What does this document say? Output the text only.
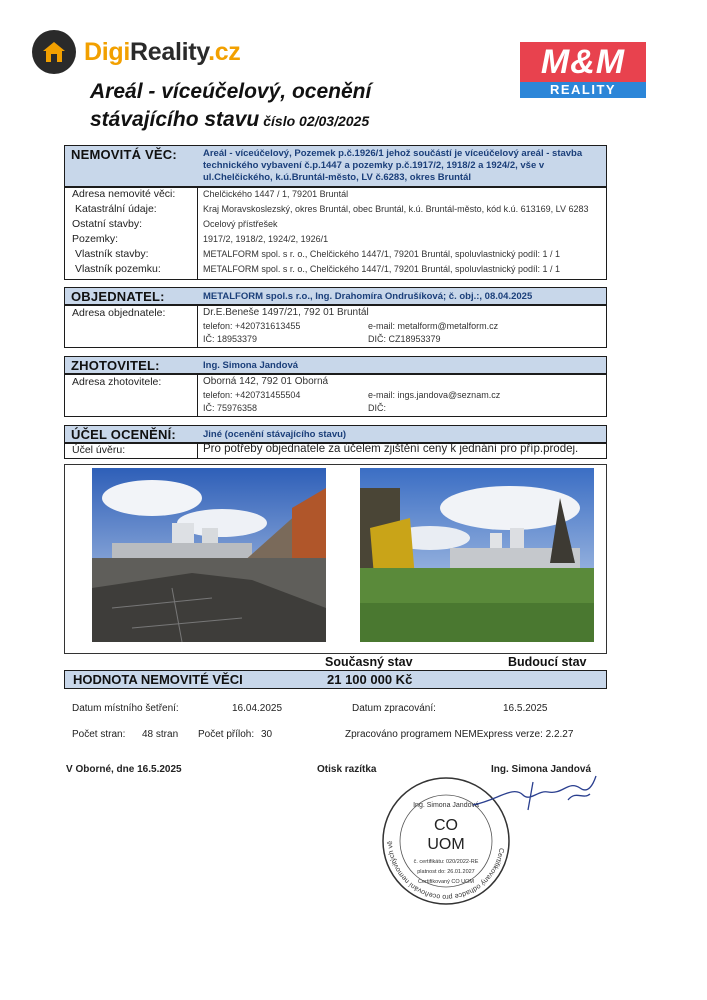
DigiReality.cz	M&M
REALITY
Areál - víceúčelový, ocenění
stávajícího stavu číslo 02/03/2025
NEMOVITÁ VĚC:	Areál - víceúčelový, Pozemek p.č.1926/1 jehož součástí je víceúčelový areál - stavba
technického vybavení č.p.1447 a pozemky p.č.1917/2, 1918/2 a 1924/2, vše v
ul.Chelčického, k.ú.Bruntál-město, LV č.6283, okres Bruntál
Adresa nemovité věci:	Chelčického 1447 / 1, 79201 Bruntál
Katastrální údaje:	Kraj Moravskoslezský, okres Bruntál, obec Bruntál, k.ú. Bruntál-město, kód k.ú. 613169, LV 6283
Ostatní stavby:	Ocelový přístřešek
Pozemky:	1917/2, 1918/2, 1924/2, 1926/1
Vlastník stavby:	METALFORM spol. s r. o., Chelčického 1447/1, 79201 Bruntál, spoluvlastnický podíl: 1 / 1
Vlastník pozemku:	METALFORM spol. s r. o., Chelčického 1447/1, 79201 Bruntál, spoluvlastnický podíl: 1 / 1
OBJEDNATEL:	METALFORM spol.s r.o., Ing. Drahomíra Ondrušíková; č. obj.:, 08.04.2025
Adresa objednatele:	Dr.E.Beneše 1497/21, 792 01 Bruntál
telefon: +420731613455	e-mail: metalform@metalform.cz
IČ: 18953379	DIČ: CZ18953379
ZHOTOVITEL:	Ing. Simona Jandová
Adresa zhotovitele:	Oborná 142, 792 01 Oborná
telefon: +420731455504	e-mail: ings.jandova@seznam.cz
IČ: 75976358	DIČ:
ÚČEL OCENĚNÍ:	Jiné (ocenění stávajícího stavu)
Účel úvěru:	Pro potřeby objednatele za účelem zjištění ceny k jednání pro příp.prodej.
Současný stav	Budoucí stav
HODNOTA NEMOVITÉ VĚCI	21 100 000 Kč
Datum místního šetření:	16.04.2025	Datum zpracování:	16.5.2025
Počet stran: 48 stran Počet příloh: 30	Zpracováno programem NEMExpress verze: 2.2.27
V Oborné, dne 16.5.2025	Otisk razítka	Ing. Simona Jandová
Certifikovaný odhadce pro oceňování nemovitých vě
Ing. Simona Jandová
CO
UOM
č. certifikátu: 020/2022-RE
platnost do: 26.01.2027
Certifikovaný CO UOM
